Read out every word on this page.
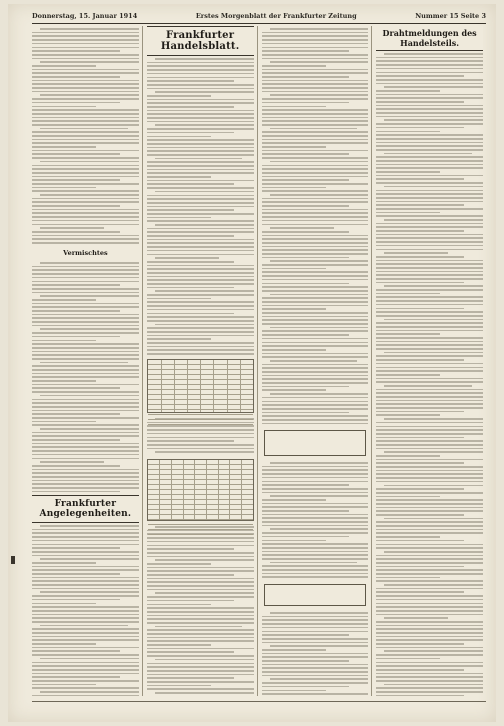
Donnerstag, 15. Januar 1914	Erstes Morgenblatt der Frankfurter Zeitung	Nummer 15 Seite 3
Vermischtes
Frankfurter Angelegenheiten.
Frankfurter Handelsblatt.
Drahtmeldungen des Handelsteils.
